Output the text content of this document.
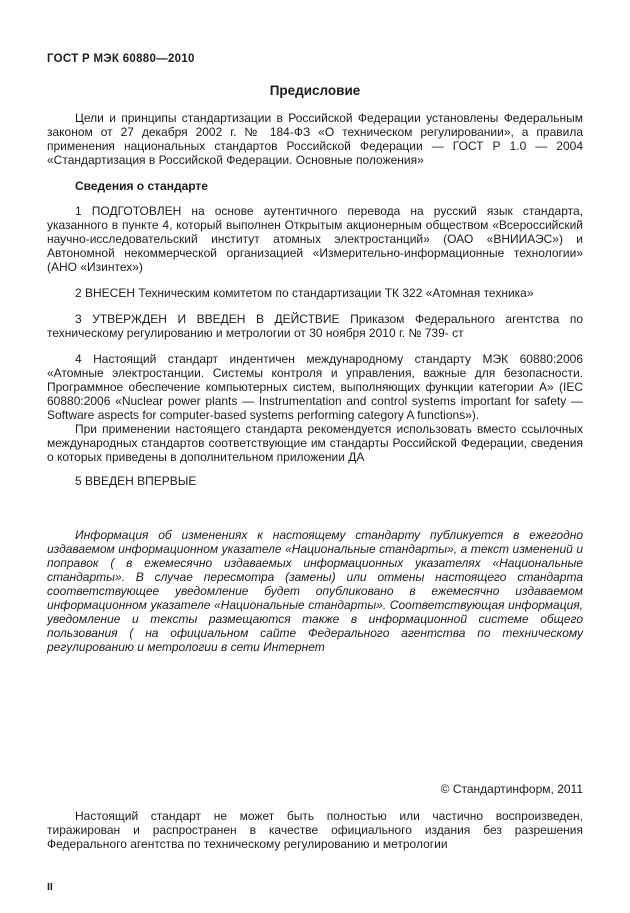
ГОСТ Р МЭК 60880—2010
Предисловие

Цели и принципы стандартизации в Российской Федерации установлены Федеральным законом от 27 декабря 2002 г. № 184-ФЗ «О техническом регулировании», а правила применения национальных стандартов Российской Федерации — ГОСТ Р 1.0 — 2004 «Стандартизация в Российской Федерации. Основные положения»

Сведения о стандарте

1 ПОДГОТОВЛЕН на основе аутентичного перевода на русский язык стандарта, указанного в пункте 4, который выполнен Открытым акционерным обществом «Всероссийский научно-исследовательский институт атомных электростанций» (ОАО «ВНИИАЭС») и Автономной некоммерческой организацией «Измерительно-информационные технологии» (АНО «Изинтех»)

2 ВНЕСЕН Техническим комитетом по стандартизации ТК 322 «Атомная техника»

3 УТВЕРЖДЕН И ВВЕДЕН В ДЕЙСТВИЕ Приказом Федерального агентства по техническому регулированию и метрологии от 30 ноября 2010 г. № 739- ст

4 Настоящий стандарт индентичен международному стандарту МЭК 60880:2006 «Атомные электростанции. Системы контроля и управления, важные для безопасности. Программное обеспечение компьютерных систем, выполняющих функции категории А» (IEC 60880:2006 «Nuclear power plants — Instrumentation and control systems important for safety — Software aspects for computer-based systems performing category A functions»).

При применении настоящего стандарта рекомендуется использовать вместо ссылочных международных стандартов соответствующие им стандарты Российской Федерации, сведения о которых приведены в дополнительном приложении ДА

5 ВВЕДЕН ВПЕРВЫЕ

Информация об изменениях к настоящему стандарту публикуется в ежегодно издаваемом информационном указателе «Национальные стандарты», а текст изменений и поправок ( в ежемесячно издаваемых информационных указателях «Национальные стандарты». В случае пересмотра (замены) или отмены настоящего стандарта соответствующее уведомление будет опубликовано в ежемесячно издаваемом информационном указателе «Национальные стандарты». Соответствующая информация, уведомление и тексты размещаются также в информационной системе общего пользования ( на официальном сайте Федерального агентства по техническому регулированию и метрологии в сети Интернет

© Стандартинформ, 2011

Настоящий стандарт не может быть полностью или частично воспроизведен, тиражирован и распространен в качестве официального издания без разрешения Федерального агентства по техническому регулированию и метрологии

II
